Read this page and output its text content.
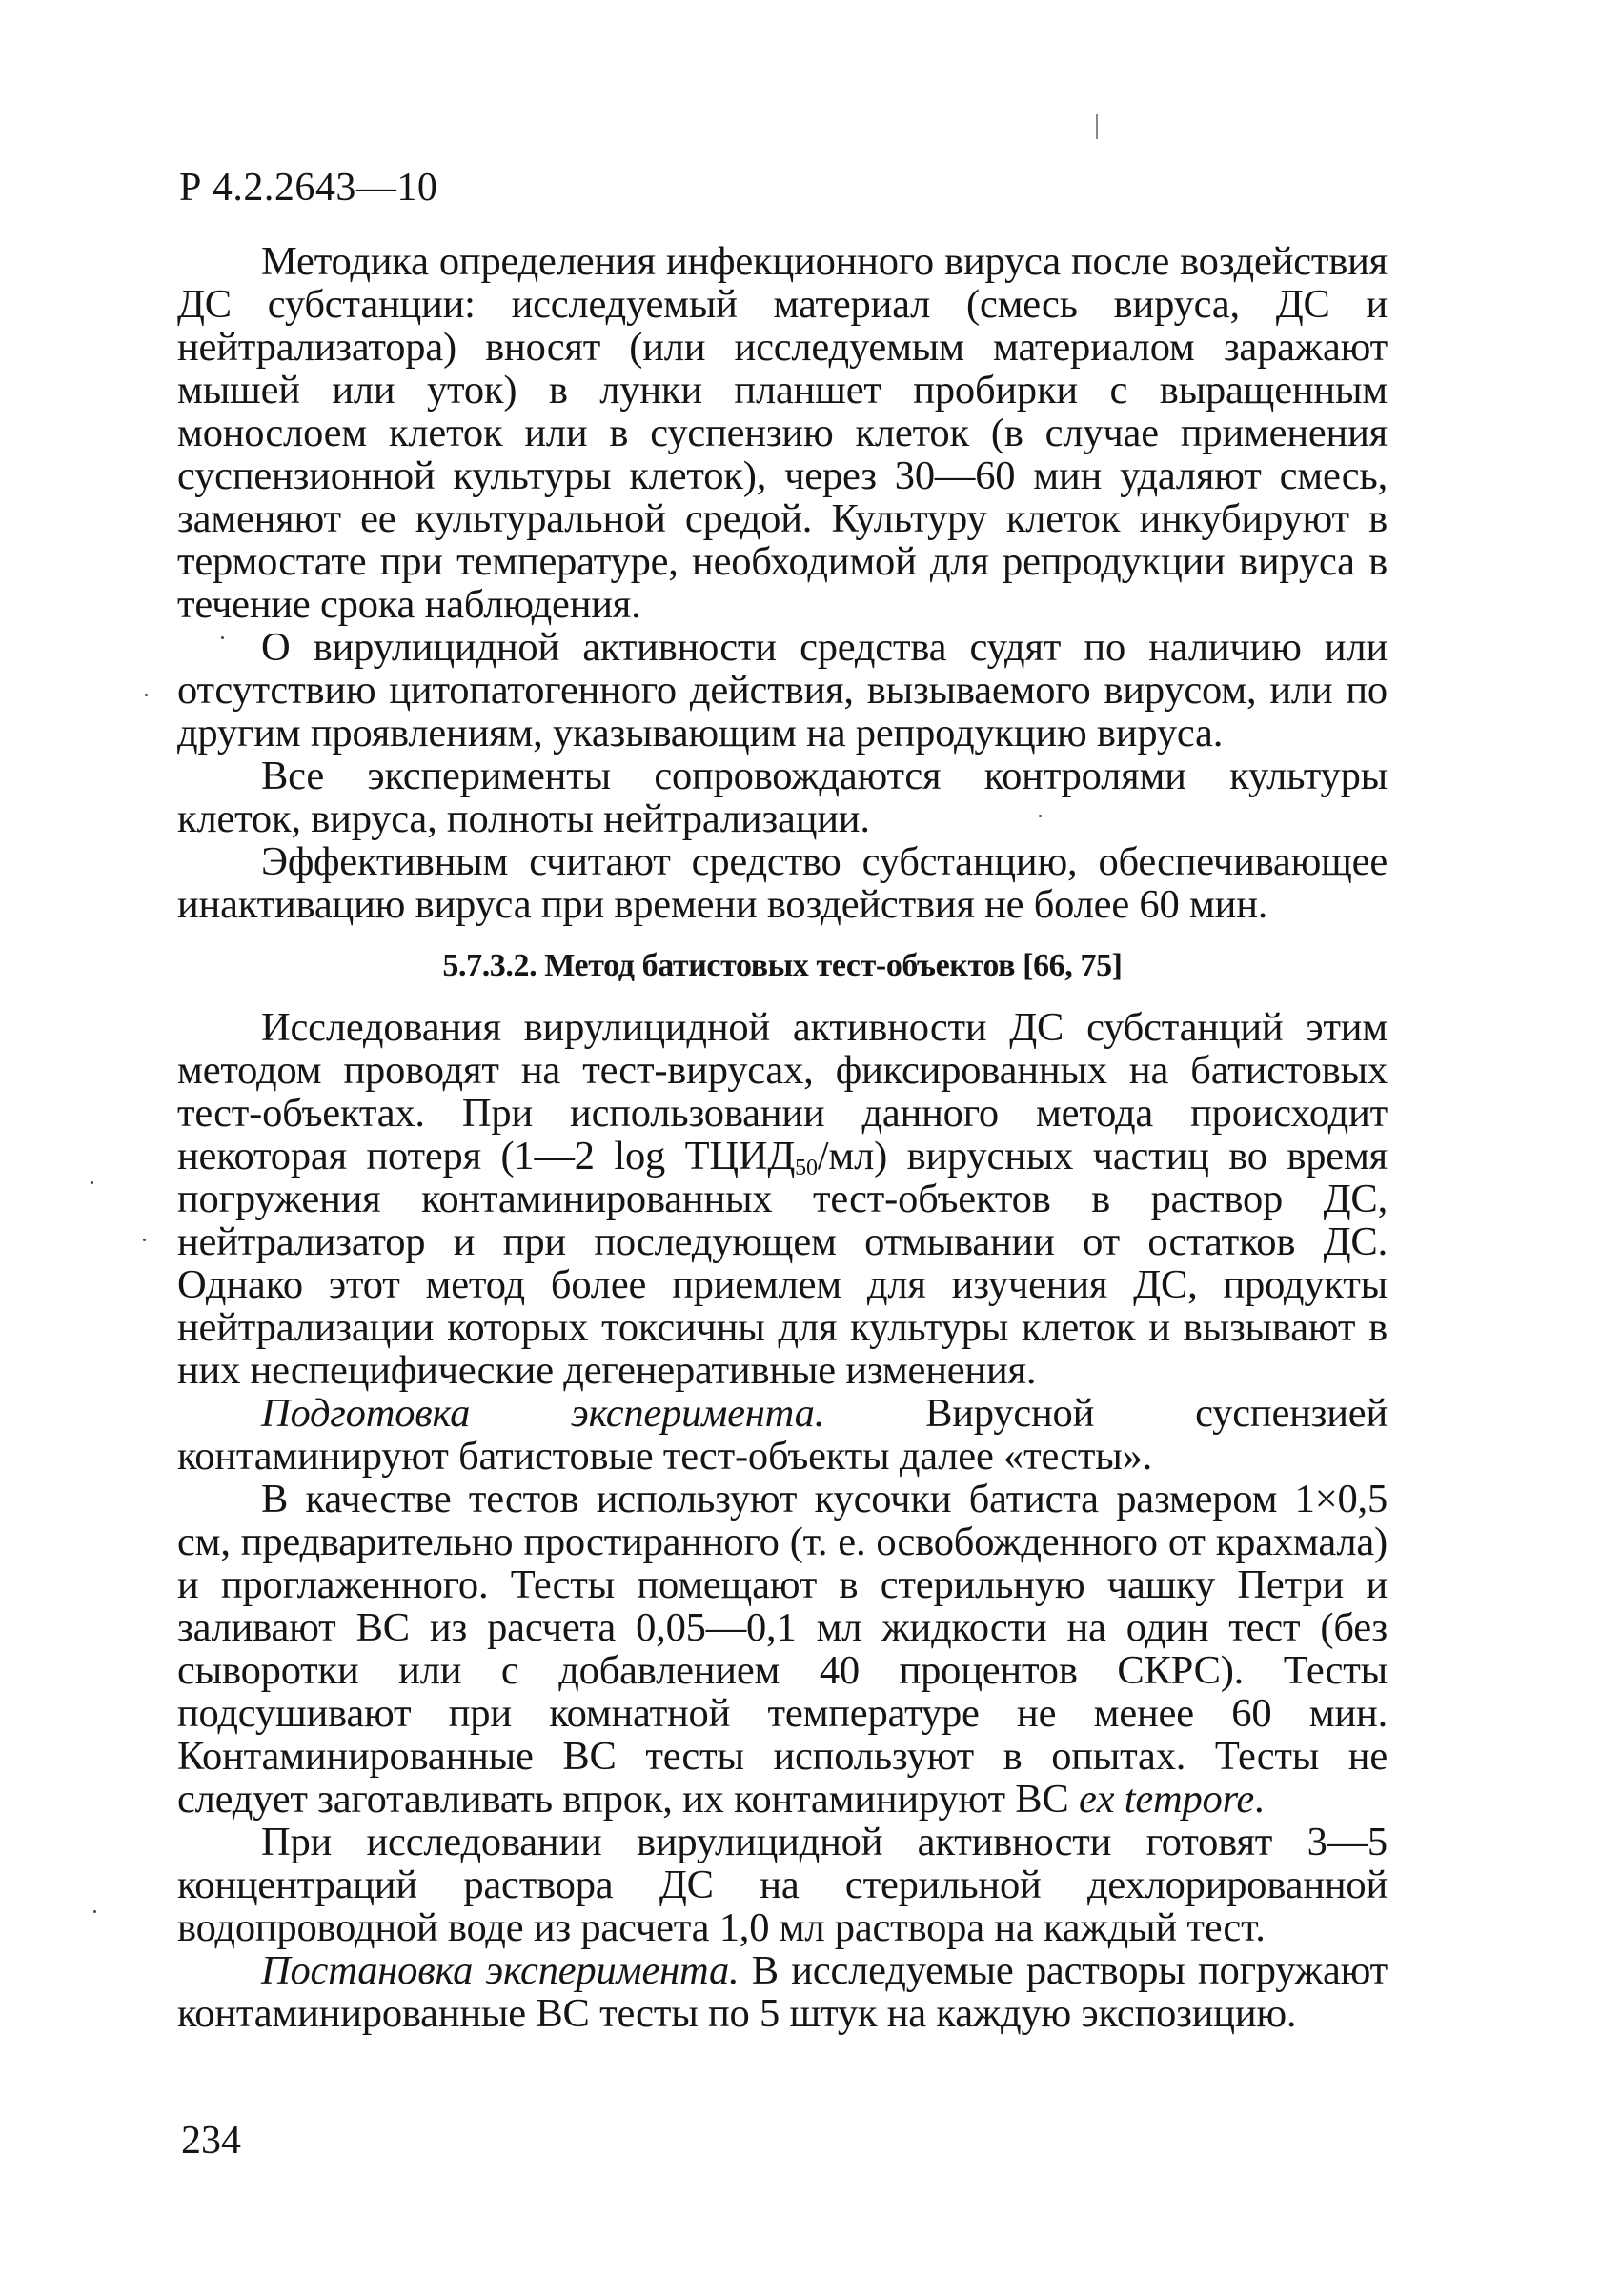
Р 4.2.2643—10

Методика определения инфекционного вируса после воздействия ДС субстанции: исследуемый материал (смесь вируса, ДС и нейтрализатора) вносят (или исследуемым материалом заражают мышей или уток) в лунки планшет пробирки с выращенным монослоем клеток или в суспензию клеток (в случае применения суспензионной культуры клеток), через 30—60 мин удаляют смесь, заменяют ее культуральной средой. Культуру клеток инкубируют в термостате при температуре, необходимой для репродукции вируса в течение срока наблюдения.

О вирулицидной активности средства судят по наличию или отсутствию цитопатогенного действия, вызываемого вирусом, или по другим проявлениям, указывающим на репродукцию вируса.

Все эксперименты сопровождаются контролями культуры клеток, вируса, полноты нейтрализации.

Эффективным считают средство субстанцию, обеспечивающее инактивацию вируса при времени воздействия не более 60 мин.

5.7.3.2. Метод батистовых тест-объектов [66, 75]

Исследования вирулицидной активности ДС субстанций этим методом проводят на тест-вирусах, фиксированных на батистовых тест-объектах. При использовании данного метода происходит некоторая потеря (1—2 $\log ТЦИД_{50}/мл$) вирусных частиц во время погружения контаминированных тест-объектов в раствор ДС, нейтрализатор и при последующем отмывании от остатков ДС. Однако этот метод более приемлем для изучения ДС, продукты нейтрализации которых токсичны для культуры клеток и вызывают в них неспецифические дегенеративные изменения.

Подготовка эксперимента. Вирусной суспензией контаминируют батистовые тест-объекты далее «тесты».

В качестве тестов используют кусочки батиста размером 1×0,5 см, предварительно простиранного (т. е. освобожденного от крахмала) и проглаженного. Тесты помещают в стерильную чашку Петри и заливают ВС из расчета 0,05—0,1 мл жидкости на один тест (без сыворотки или с добавлением 40 процентов СКРС). Тесты подсушивают при комнатной температуре не менее 60 мин. Контаминированные ВС тесты используют в опытах. Тесты не следует заготавливать впрок, их контаминируют ВС ex tempore.

При исследовании вирулицидной активности готовят 3—5 концентраций раствора ДС на стерильной дехлорированной водопроводной воде из расчета 1,0 мл раствора на каждый тест.

Постановка эксперимента. В исследуемые растворы погружают контаминированные ВС тесты по 5 штук на каждую экспозицию.

234
